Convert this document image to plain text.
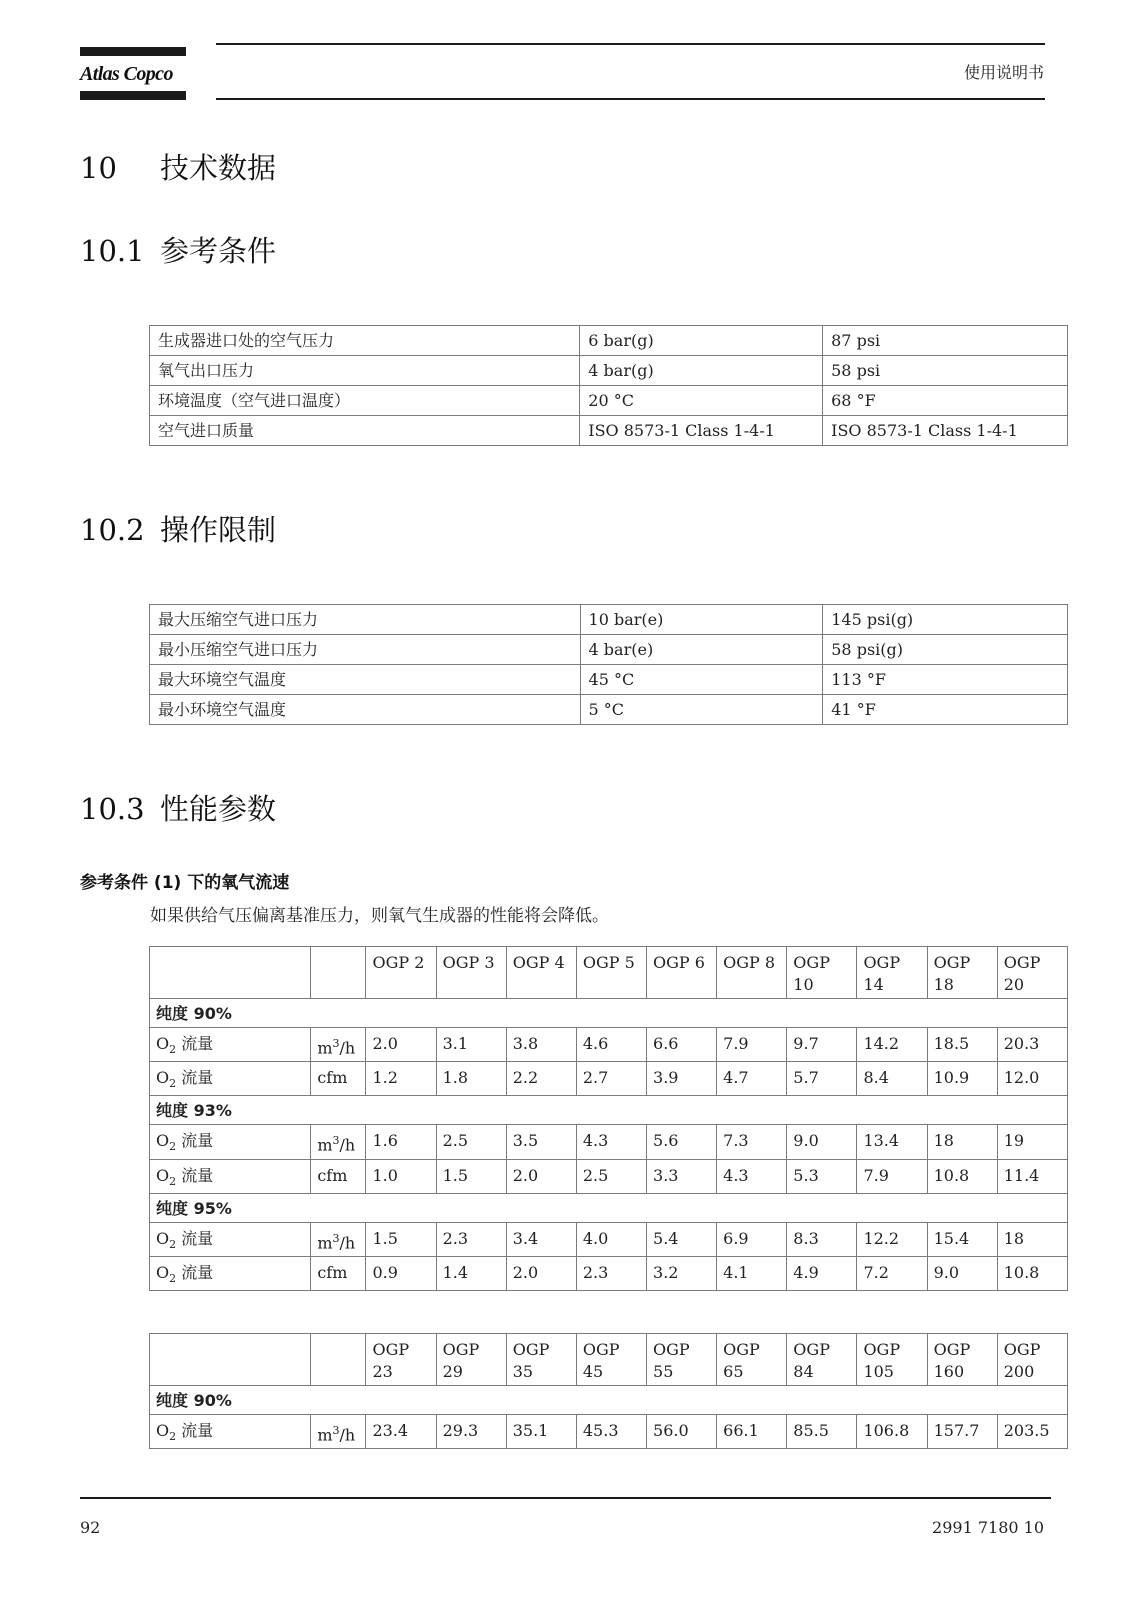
Atlas Copco	使用说明书
10 技术数据
10.1 参考条件
生成器进口处的空气压力	6 bar(g)	87 psi
氧气出口压力	4 bar(g)	58 psi
环境温度（空气进口温度）	20 °C	68 °F
空气进口质量	ISO 8573-1 Class 1-4-1	ISO 8573-1 Class 1-4-1
10.2 操作限制
最大压缩空气进口压力	10 bar(e)	145 psi(g)
最小压缩空气进口压力	4 bar(e)	58 psi(g)
最大环境空气温度	45 °C	113 °F
最小环境空气温度	5 °C	41 °F
10.3 性能参数
参考条件 (1) 下的氧气流速
如果供给气压偏离基准压力，则氧气生成器的性能将会降低。
		OGP 2	OGP 3	OGP 4	OGP 5	OGP 6	OGP 8	OGP 10	OGP 14	OGP 18	OGP 20
纯度 90%											
$O_2$ 流量	$m^3/h$	2.0	3.1	3.8	4.6	6.6	7.9	9.7	14.2	18.5	20.3
$O_2$ 流量	cfm	1.2	1.8	2.2	2.7	3.9	4.7	5.7	8.4	10.9	12.0
纯度 93%											
$O_2$ 流量	$m^3/h$	1.6	2.5	3.5	4.3	5.6	7.3	9.0	13.4	18	19
$O_2$ 流量	cfm	1.0	1.5	2.0	2.5	3.3	4.3	5.3	7.9	10.8	11.4
纯度 95%											
$O_2$ 流量	$m^3/h$	1.5	2.3	3.4	4.0	5.4	6.9	8.3	12.2	15.4	18
$O_2$ 流量	cfm	0.9	1.4	2.0	2.3	3.2	4.1	4.9	7.2	9.0	10.8
		OGP 23	OGP 29	OGP 35	OGP 45	OGP 55	OGP 65	OGP 84	OGP 105	OGP 160	OGP 200
纯度 90%											
$O_2$ 流量	$m^3/h$	23.4	29.3	35.1	45.3	56.0	66.1	85.5	106.8	157.7	203.5
92	2991 7180 10
